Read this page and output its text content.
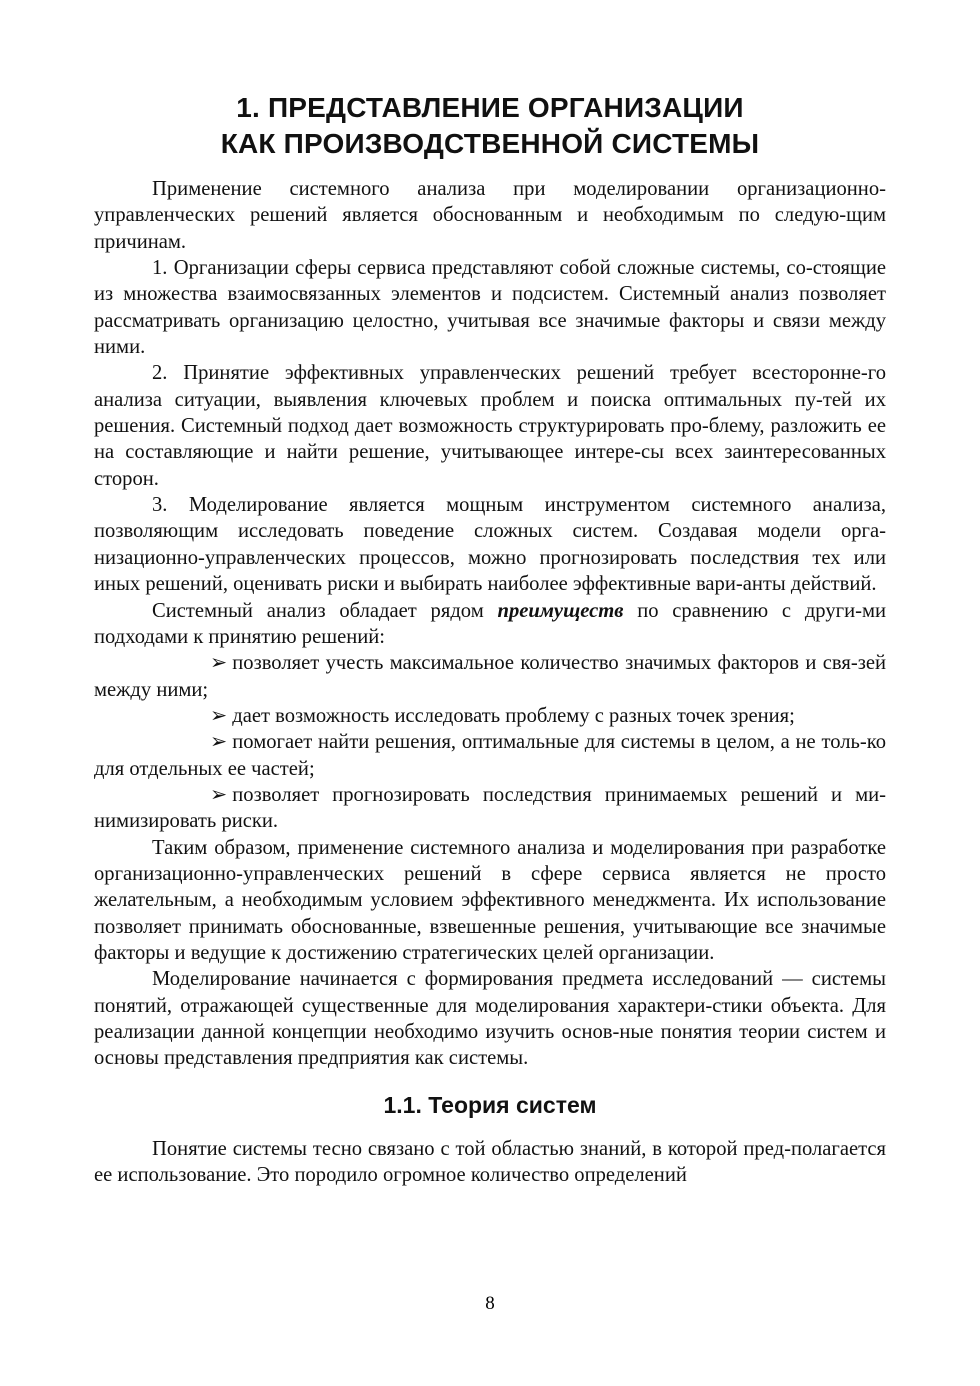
1. ПРЕДСТАВЛЕНИЕ ОРГАНИЗАЦИИ
КАК ПРОИЗВОДСТВЕННОЙ СИСТЕМЫ

Применение системного анализа при моделировании организационно-управленческих решений является обоснованным и необходимым по следую-щим причинам.

1. Организации сферы сервиса представляют собой сложные системы, со-стоящие из множества взаимосвязанных элементов и подсистем. Системный анализ позволяет рассматривать организацию целостно, учитывая все значимые факторы и связи между ними.

2. Принятие эффективных управленческих решений требует всесторонне-го анализа ситуации, выявления ключевых проблем и поиска оптимальных пу-тей их решения. Системный подход дает возможность структурировать про-блему, разложить ее на составляющие и найти решение, учитывающее интере-сы всех заинтересованных сторон.

3. Моделирование является мощным инструментом системного анализа, позволяющим исследовать поведение сложных систем. Создавая модели орга-низационно-управленческих процессов, можно прогнозировать последствия тех или иных решений, оценивать риски и выбирать наиболее эффективные вари-анты действий.

Системный анализ обладает рядом преимуществ по сравнению с други-ми подходами к принятию решений:

➢ позволяет учесть максимальное количество значимых факторов и свя-зей между ними;
➢ дает возможность исследовать проблему с разных точек зрения;
➢ помогает найти решения, оптимальные для системы в целом, а не толь-ко для отдельных ее частей;
➢ позволяет прогнозировать последствия принимаемых решений и ми-нимизировать риски.

Таким образом, применение системного анализа и моделирования при разработке организационно-управленческих решений в сфере сервиса является не просто желательным, а необходимым условием эффективного менеджмента. Их использование позволяет принимать обоснованные, взвешенные решения, учитывающие все значимые факторы и ведущие к достижению стратегических целей организации.

Моделирование начинается с формирования предмета исследований — системы понятий, отражающей существенные для моделирования характери-стики объекта. Для реализации данной концепции необходимо изучить основ-ные понятия теории систем и основы представления предприятия как системы.

1.1. Теория систем

Понятие системы тесно связано с той областью знаний, в которой пред-полагается ее использование. Это породило огромное количество определений

8
